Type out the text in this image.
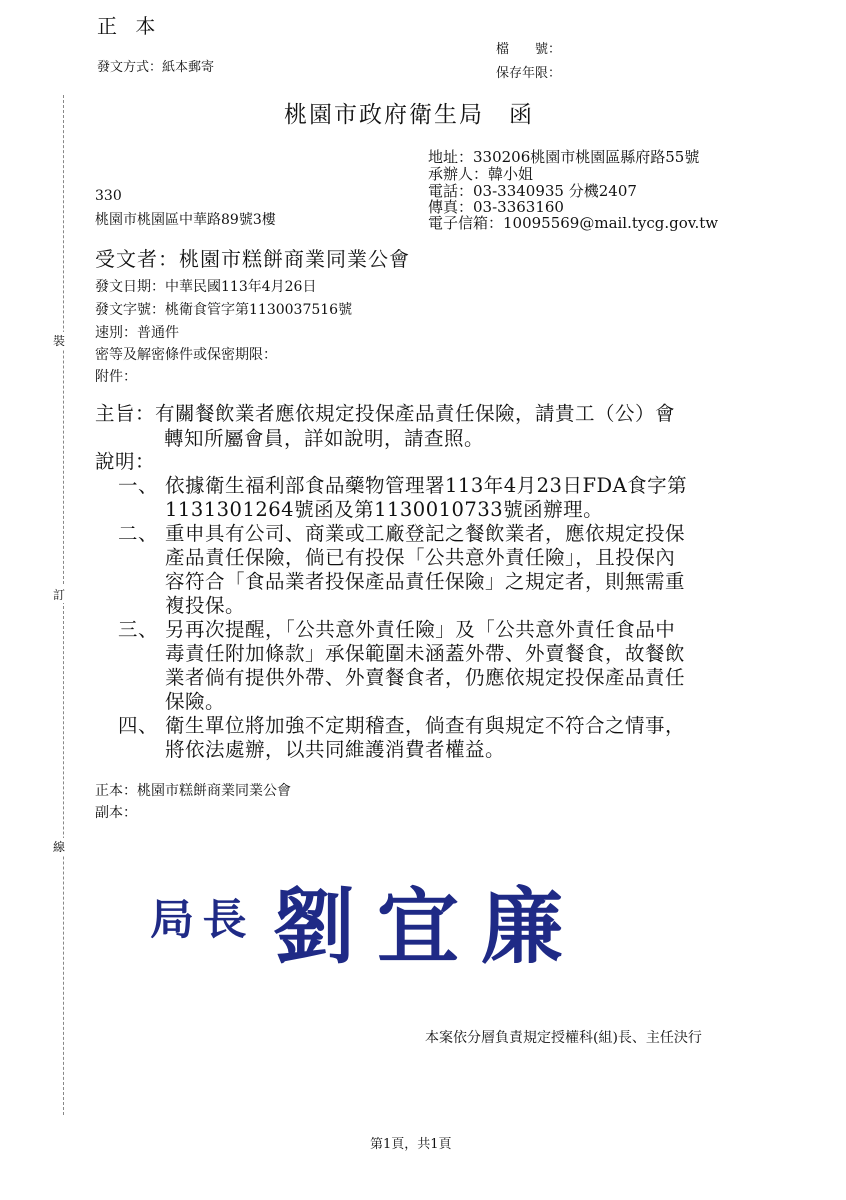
正 本
發文方式：紙本郵寄
檔　　號：
保存年限：
桃園市政府衛生局　函
地址：330206桃園市桃園區縣府路55號
承辦人：韓小姐
電話：03-3340935 分機2407
傳真：03-3363160
電子信箱：10095569@mail.tycg.gov.tw
330
桃園市桃園區中華路89號3樓
受文者：桃園市糕餅商業同業公會
發文日期：中華民國113年4月26日
發文字號：桃衛食管字第1130037516號
速別：普通件
密等及解密條件或保密期限：
附件：
主旨：有關餐飲業者應依規定投保產品責任保險，請貴工（公）會
轉知所屬會員，詳如說明，請查照。
說明：
一、 依據衛生福利部食品藥物管理署113年4月23日FDA食字第
1131301264號函及第1130010733號函辦理。
二、 重申具有公司、商業或工廠登記之餐飲業者，應依規定投保
產品責任保險，倘已有投保「公共意外責任險」，且投保內
容符合「食品業者投保產品責任保險」之規定者，則無需重
複投保。
三、 另再次提醒，「公共意外責任險」及「公共意外責任食品中
毒責任附加條款」承保範圍未涵蓋外帶、外賣餐食，故餐飲
業者倘有提供外帶、外賣餐食者，仍應依規定投保產品責任
保險。
四、 衛生單位將加強不定期稽查，倘查有與規定不符合之情事，
將依法處辦，以共同維護消費者權益。
正本：桃園市糕餅商業同業公會
副本：
裝
訂
線
局長 劉宜廉
本案依分層負責規定授權科(組)長、主任決行
第1頁，共1頁
